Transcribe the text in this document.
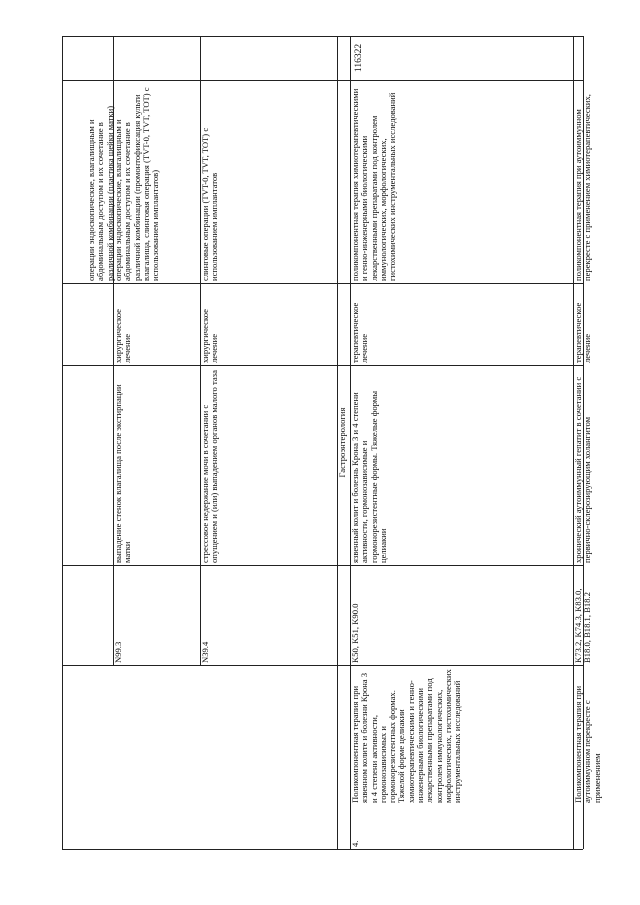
116322
Гастроэнтерология
операции эндоскопические, влагалищным и абдоминальным доступом и их сочетание в различной комбинации (пластика шейки матки)
N99.3
выпадение стенок влагалища после экстирпации матки
хирургическое лечение
операции эндоскопические, влагалищным и абдоминальным доступом и их сочетание в различной комбинации (промонтофиксация культи влагалища, слинговая операция (TVT-0, TVT, TOT) с использованием имплантатов)
N39.4
стрессовое недержание мочи в сочетании с опущением и (или) выпадением органов малого таза
хирургическое лечение
слинговые операции (TVT-0, TVT, TOT) с использованием имплантатов
4.
Поликомпонентная терапия при язвенном колите и болезни Крона 3 и 4 степени активности, гормонозависимых и гормонорезистентных формах. Тяжелой форме целиакии химиотерапевтическими и генно-инженерными биологическими лекарственными препаратами под контролем иммунологических, морфологических, гистохимических инструментальных исследований
K50, K51, K90.0
язвенный колит и болезнь Крона 3 и 4 степени активности, гормонозависимые и гормонорезистентные формы. Тяжелые формы целиакии
терапевтическое лечение
поликомпонентная терапия химиотерапевтическими и генно-инженерными биологическими лекарственными препаратами под контролем иммунологических, морфологических, гистохимических инструментальных исследований
Поликомпонентная терапия при аутоиммунном перекресте с применением
K73.2, K74.3, K83.0, B18.0, B18.1, B18.2
хронический аутоиммунный гепатит в сочетании с первично-склерозирующим холангитом
терапевтическое лечение
поликомпонентная терапия при аутоиммунном перекресте с применением химиотерапевтических,
